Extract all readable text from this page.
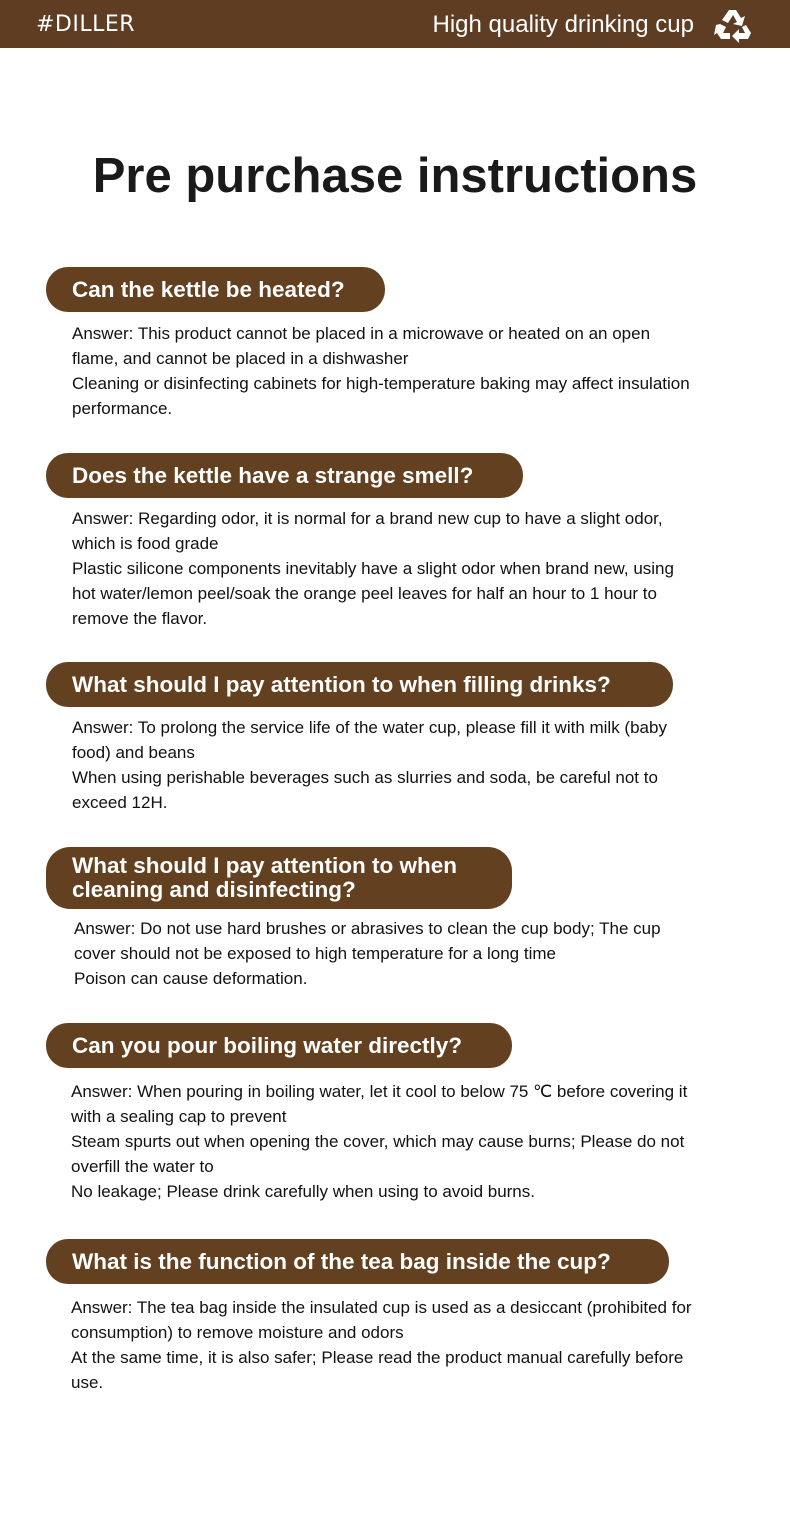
#DILLER	High quality drinking cup
Pre purchase instructions
Can the kettle be heated?
Answer: This product cannot be placed in a microwave or heated on an open
flame, and cannot be placed in a dishwasher
Cleaning or disinfecting cabinets for high-temperature baking may affect insulation
performance.
Does the kettle have a strange smell?
Answer: Regarding odor, it is normal for a brand new cup to have a slight odor,
which is food grade
Plastic silicone components inevitably have a slight odor when brand new, using
hot water/lemon peel/soak the orange peel leaves for half an hour to 1 hour to
remove the flavor.
What should I pay attention to when filling drinks?
Answer: To prolong the service life of the water cup, please fill it with milk (baby
food) and beans
When using perishable beverages such as slurries and soda, be careful not to
exceed 12H.
What should I pay attention to when
cleaning and disinfecting?
Answer: Do not use hard brushes or abrasives to clean the cup body; The cup
cover should not be exposed to high temperature for a long time
Poison can cause deformation.
Can you pour boiling water directly?
Answer: When pouring in boiling water, let it cool to below 75 ℃ before covering it
with a sealing cap to prevent
Steam spurts out when opening the cover, which may cause burns; Please do not
overfill the water to
No leakage; Please drink carefully when using to avoid burns.
What is the function of the tea bag inside the cup?
Answer: The tea bag inside the insulated cup is used as a desiccant (prohibited for
consumption) to remove moisture and odors
At the same time, it is also safer; Please read the product manual carefully before
use.
